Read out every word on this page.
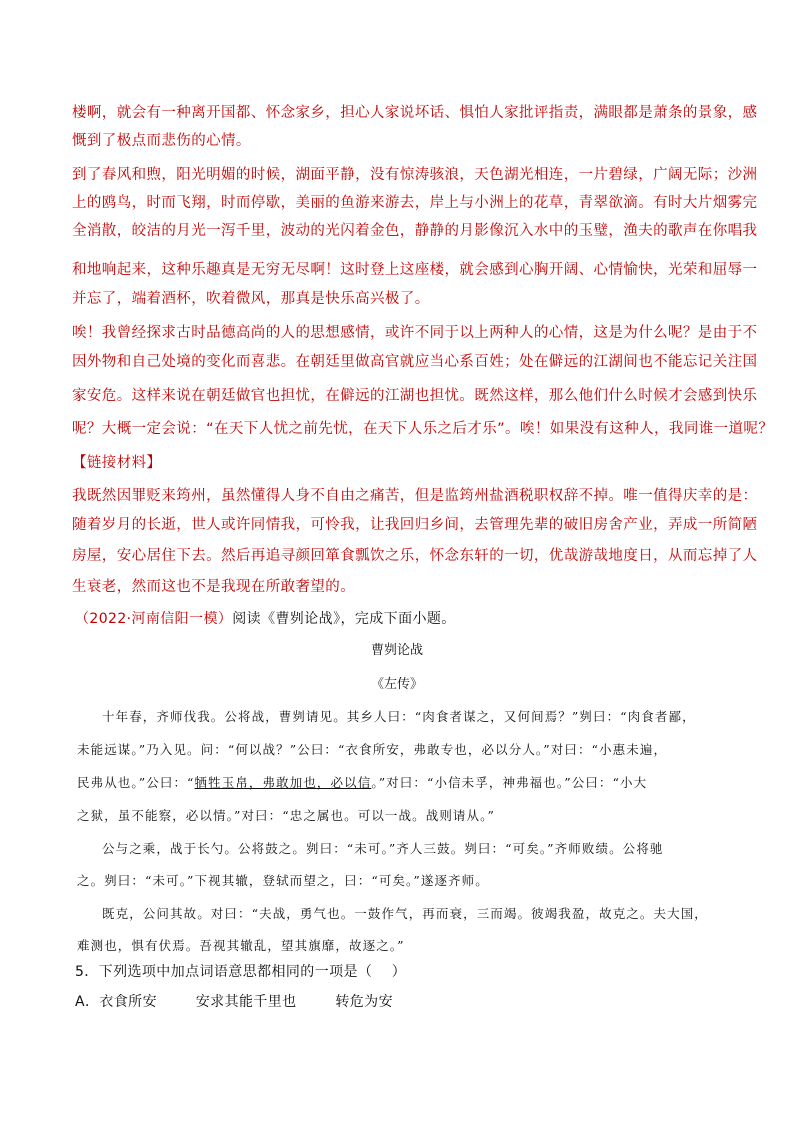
楼啊，就会有一种离开国都、怀念家乡，担心人家说坏话、惧怕人家批评指责，满眼都是萧条的景象，感
慨到了极点而悲伤的心情。
到了春风和煦，阳光明媚的时候，湖面平静，没有惊涛骇浪，天色湖光相连，一片碧绿，广阔无际；沙洲
上的鸥鸟，时而飞翔，时而停歇，美丽的鱼游来游去，岸上与小洲上的花草，青翠欲滴。有时大片烟雾完
全消散，皎洁的月光一泻千里，波动的光闪着金色，静静的月影像沉入水中的玉璧，渔夫的歌声在你唱我
和地响起来，这种乐趣真是无穷无尽啊！这时登上这座楼，就会感到心胸开阔、心情愉快，光荣和屈辱一
并忘了，端着酒杯，吹着微风，那真是快乐高兴极了。
唉！我曾经探求古时品德高尚的人的思想感情，或许不同于以上两种人的心情，这是为什么呢？是由于不
因外物和自己处境的变化而喜悲。在朝廷里做高官就应当心系百姓；处在僻远的江湖间也不能忘记关注国
家安危。这样来说在朝廷做官也担忧，在僻远的江湖也担忧。既然这样，那么他们什么时候才会感到快乐
呢？大概一定会说：“在天下人忧之前先忧，在天下人乐之后才乐”。唉！如果没有这种人，我同谁一道呢？
【链接材料】
我既然因罪贬来筠州，虽然懂得人身不自由之痛苦，但是监筠州盐酒税职权辞不掉。唯一值得庆幸的是：
随着岁月的长逝，世人或许同情我，可怜我，让我回归乡间，去管理先辈的破旧房舍产业，弄成一所简陋
房屋，安心居住下去。然后再追寻颜回箪食瓢饮之乐，怀念东轩的一切，优哉游哉地度日，从而忘掉了人
生衰老，然而这也不是我现在所敢奢望的。
（2022·河南信阳一模）阅读《曹刿论战》，完成下面小题。
曹刿论战
《左传》
十年春，齐师伐我。公将战，曹刿请见。其乡人曰：“肉食者谋之，又何间焉？”刿曰：“肉食者鄙，
未能远谋。”乃入见。问：“何以战？”公曰：“衣食所安，弗敢专也，必以分人。”对曰：“小惠未遍，
民弗从也。”公曰：“牺牲玉帛，弗敢加也，必以信。”对曰：“小信未孚，神弗福也。”公曰：“小大
之狱，虽不能察，必以情。”对曰：“忠之属也。可以一战。战则请从。”
公与之乘，战于长勺。公将鼓之。刿曰：“未可。”齐人三鼓。刿曰：“可矣。”齐师败绩。公将驰
之。刿曰：“未可。”下视其辙，登轼而望之，曰：“可矣。”遂逐齐师。
既克，公问其故。对曰：“夫战，勇气也。一鼓作气，再而衰，三而竭。彼竭我盈，故克之。夫大国，
难测也，惧有伏焉。吾视其辙乱，望其旗靡，故逐之。”
5．下列选项中加点词语意思都相同的一项是（    ）
A．衣食所安        安求其能千里也        转危为安
